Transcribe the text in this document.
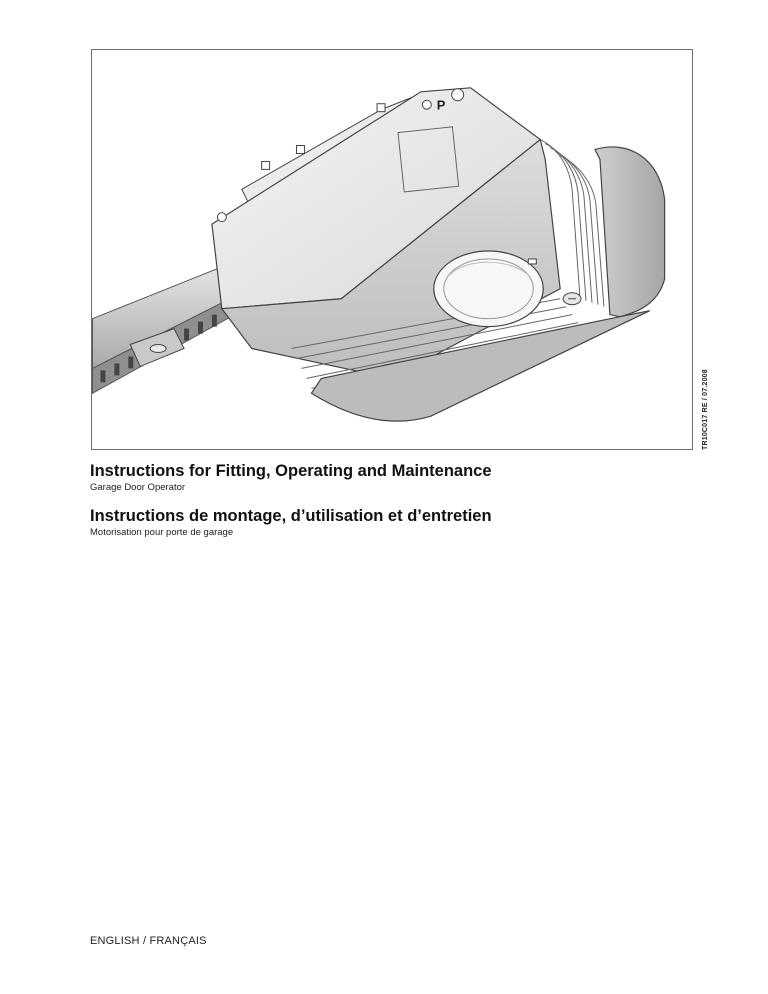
P
TR10C017 RE / 07.2008
Instructions for Fitting, Operating and Maintenance
Garage Door Operator
Instructions de montage, d’utilisation et d’entretien
Motorisation pour porte de garage
ENGLISH / FRANÇAIS
